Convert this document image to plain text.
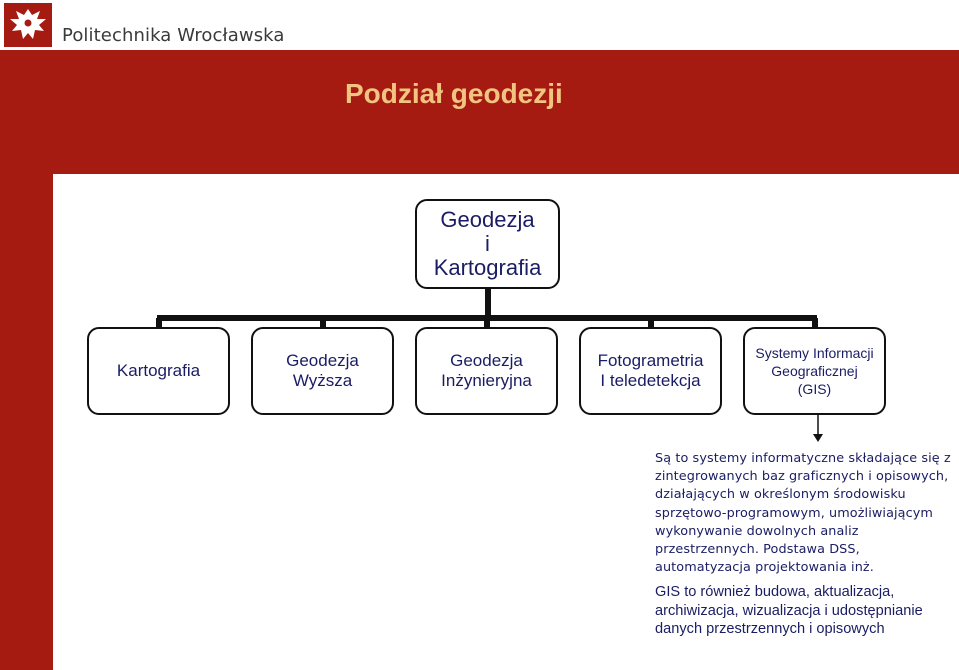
Politechnika Wrocławska
Podział geodezji
Geodezja
i
Kartografia
Kartografia
Geodezja
Wyższa
Geodezja
Inżynieryjna
Fotogrametria
I teledetekcja
Systemy Informacji
Geograficznej
(GIS)

Są to systemy informatyczne składające się z zintegrowanych baz graficznych i opisowych, działających w określonym środowisku sprzętowo-programowym, umożliwiającym wykonywanie dowolnych analiz przestrzennych. Podstawa DSS, automatyzacja projektowania inż.

GIS to również budowa, aktualizacja, archiwizacja, wizualizacja i udostępnianie danych przestrzennych i opisowych
